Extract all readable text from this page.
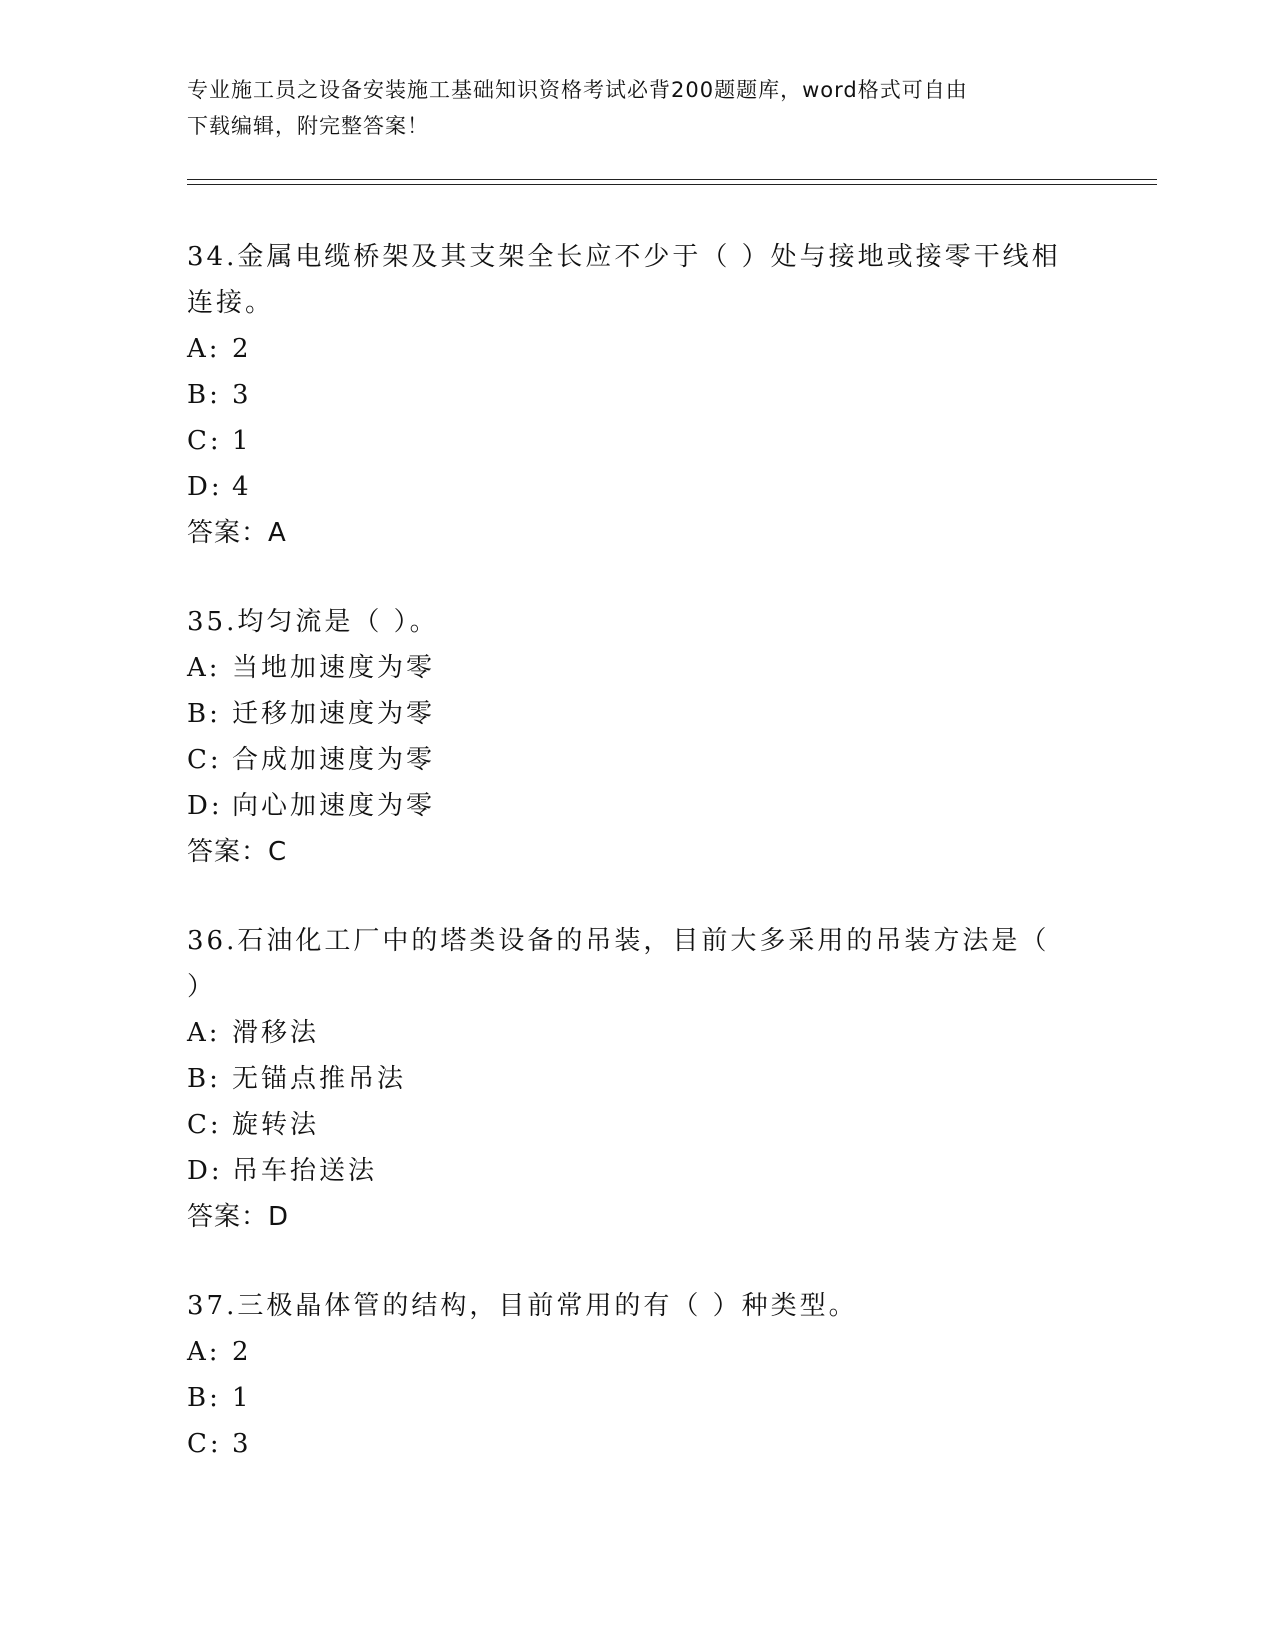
专业施工员之设备安装施工基础知识资格考试必背200题题库，word格式可自由
下载编辑，附完整答案！
34.金属电缆桥架及其支架全长应不少于（ ）处与接地或接零干线相
连接。
A: 2
B: 3
C: 1
D: 4
答案：A
35.均匀流是（ ）。
A: 当地加速度为零
B: 迁移加速度为零
C: 合成加速度为零
D: 向心加速度为零
答案：C
36.石油化工厂中的塔类设备的吊装，目前大多采用的吊装方法是（
）
A: 滑移法
B: 无锚点推吊法
C: 旋转法
D: 吊车抬送法
答案：D
37.三极晶体管的结构，目前常用的有（ ）种类型。
A: 2
B: 1
C: 3
